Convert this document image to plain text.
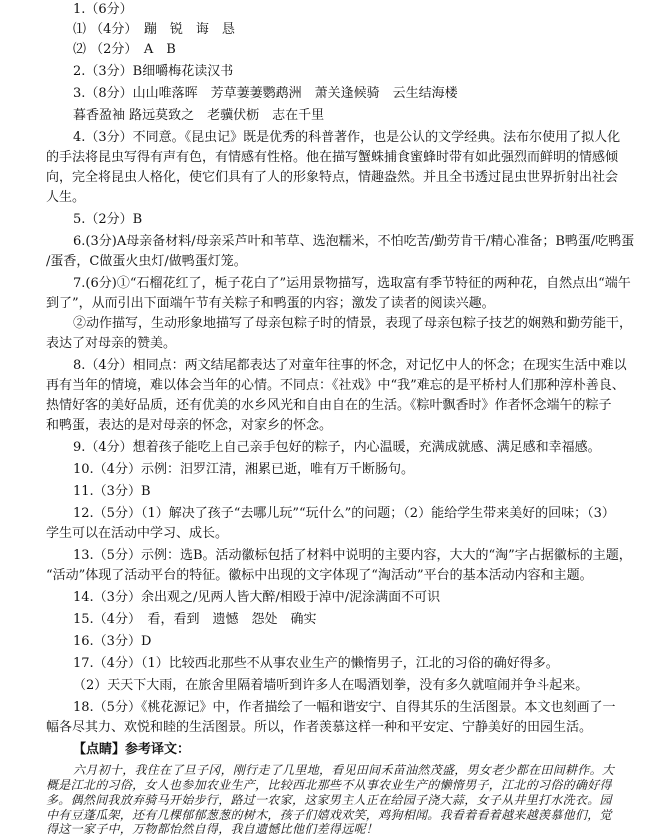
1.（6分）
⑴ （4分）　蹦　锐　诲　恳
⑵ （2分）　A　B
2.（3分）B细嚼梅花读汉书
3.（8分）山山唯落晖　芳草萋萋鹦鹉洲　萧关逢候骑　云生结海楼
暮香盈袖 路远莫致之　老骥伏枥　志在千里
4.（3分）不同意。《昆虫记》既是优秀的科普著作，也是公认的文学经典。法布尔使用了拟人化
的手法将昆虫写得有声有色，有情感有性格。他在描写蟹蛛捕食蜜蜂时带有如此强烈而鲜明的情感倾
向，完全将昆虫人格化，使它们具有了人的形象特点，情趣盎然。并且全书透过昆虫世界折射出社会
人生。
5.（2分）B
6.(3分)A母亲备材料/母亲采芦叶和苇草、选泡糯米，不怕吃苦/勤劳肯干/精心准备；B鸭蛋/吃鸭蛋
/蛋香，C做蛋火虫灯/做鸭蛋灯笼。
7.(6分)①“石榴花红了，栀子花白了”运用景物描写，选取富有季节特征的两种花，自然点出“端午
到了”，从而引出下面端午节有关粽子和鸭蛋的内容；激发了读者的阅读兴趣。
②动作描写，生动形象地描写了母亲包粽子时的情景，表现了母亲包粽子技艺的娴熟和勤劳能干，
表达了对母亲的赞美。
8.（4分）相同点：两文结尾都表达了对童年往事的怀念，对记忆中人的怀念；在现实生活中难以
再有当年的情境，难以体会当年的心情。不同点：《社戏》中“我”难忘的是平桥村人们那种淳朴善良、
热情好客的美好品质，还有优美的水乡风光和自由自在的生活。《粽叶飘香时》作者怀念端午的粽子
和鸭蛋，表达的是对母亲的怀念，对家乡的怀念。
9.（4分）想着孩子能吃上自己亲手包好的粽子，内心温暖，充满成就感、满足感和幸福感。
10.（4分）示例：汨罗江清，湘累已逝，唯有万千断肠句。
11.（3分）B
12.（5分）（1）解决了孩子“去哪儿玩”“玩什么”的问题；（2）能给学生带来美好的回味；（3）
学生可以在活动中学习、成长。
13.（5分）示例：选B。活动徽标包括了材料中说明的主要内容，大大的“淘”字占据徽标的主题，
“活动”体现了活动平台的特征。徽标中出现的文字体现了“淘活动”平台的基本活动内容和主题。
14.（3分）余出观之/见两人皆大醉/相殴于淖中/泥涂满面不可识
15.（4分）　看，看到　遗憾　怨处　确实
16.（3分）D
17.（4分）（1）比较西北那些不从事农业生产的懒惰男子，江北的习俗的确好得多。
（2）天天下大雨，在旅舍里隔着墙听到许多人在喝酒划拳，没有多久就喧闹并争斗起来。
18.（5分）《桃花源记》中，作者描绘了一幅和谐安宁、自得其乐的生活图景。本文也刻画了一
幅各尽其力、欢悦和睦的生活图景。所以，作者羡慕这样一种和平安定、宁静美好的田园生活。
【点睛】参考译文：
六月初十，我住在了旦子冈，刚行走了几里地，看见田间禾苗油然茂盛，男女老少都在田间耕作。大
概是江北的习俗，女人也参加农业生产，比较西北那些不从事农业生产的懒惰男子，江北的习俗的确好得
多。偶然间我放弃骑马开始步行，路过一农家，这家男主人正在给园子浇大蒜，女子从井里打水洗衣。园
中有豆蓬瓜架，还有几棵郁郁葱葱的树木，孩子们嬉戏欢笑，鸡狗相闻。我看着看着越来越羡慕他们，觉
得这一家子中，万物都怡然自得，我自遗憾比他们差得远呢！
